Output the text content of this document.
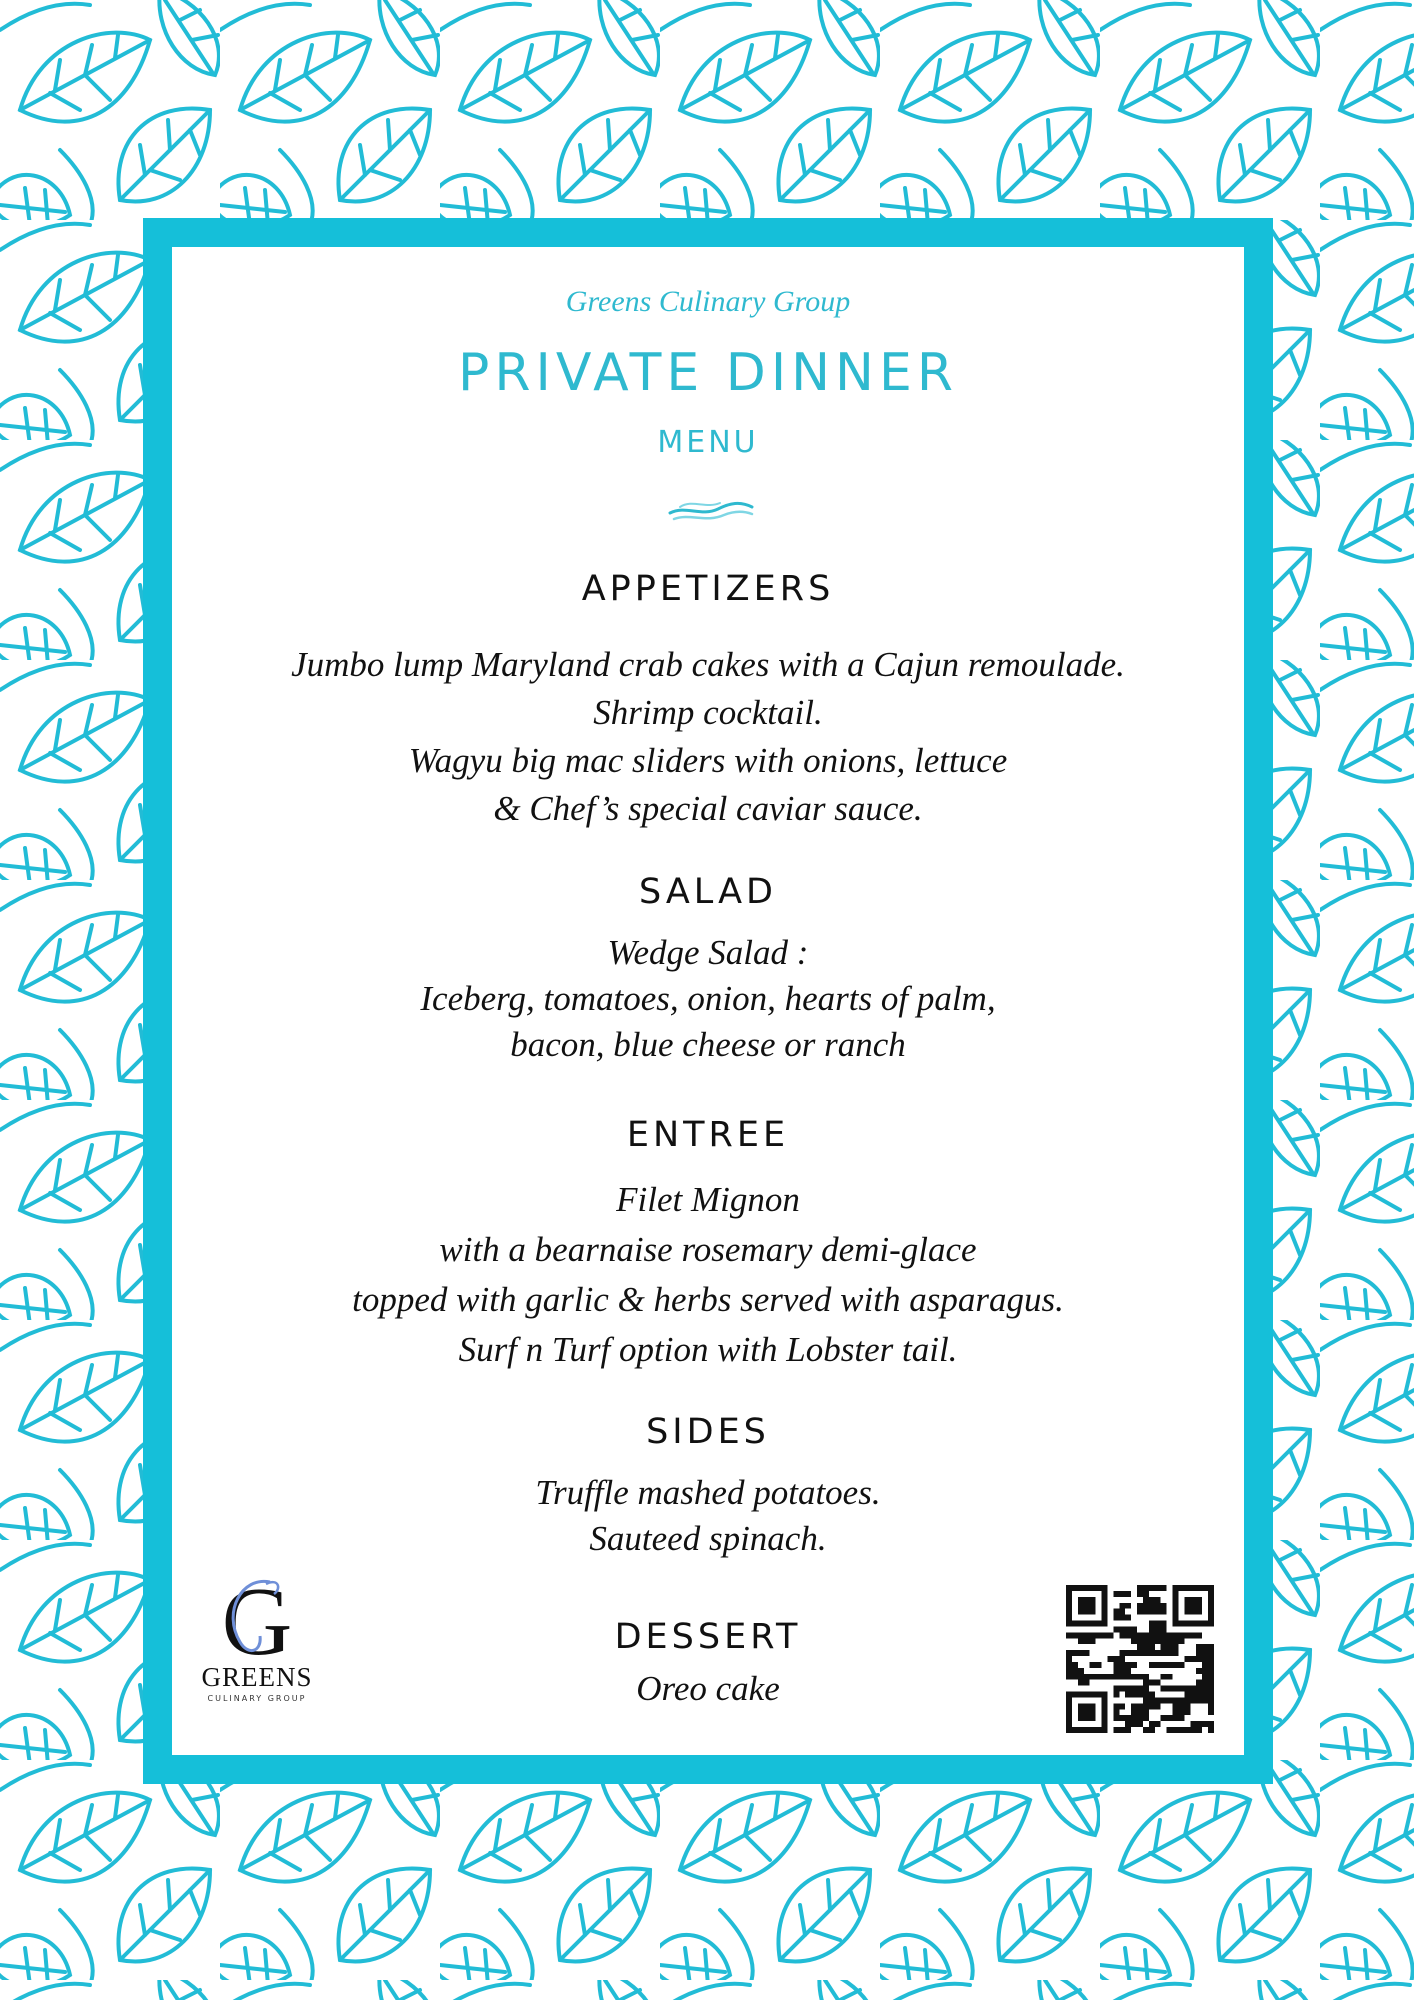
Greens Culinary Group
PRIVATE DINNER
MENU
APPETIZERS
Jumbo lump Maryland crab cakes with a Cajun remoulade.
Shrimp cocktail.
Wagyu big mac sliders with onions, lettuce
& Chef’s special caviar sauce.
SALAD
Wedge Salad :
Iceberg, tomatoes, onion, hearts of palm,
bacon, blue cheese or ranch
ENTREE
Filet Mignon
with a bearnaise rosemary demi-glace
topped with garlic & herbs served with asparagus.
Surf n Turf option with Lobster tail.
SIDES
Truffle mashed potatoes.
Sauteed spinach.
DESSERT
Oreo cake
G
GREENS
CULINARY GROUP
